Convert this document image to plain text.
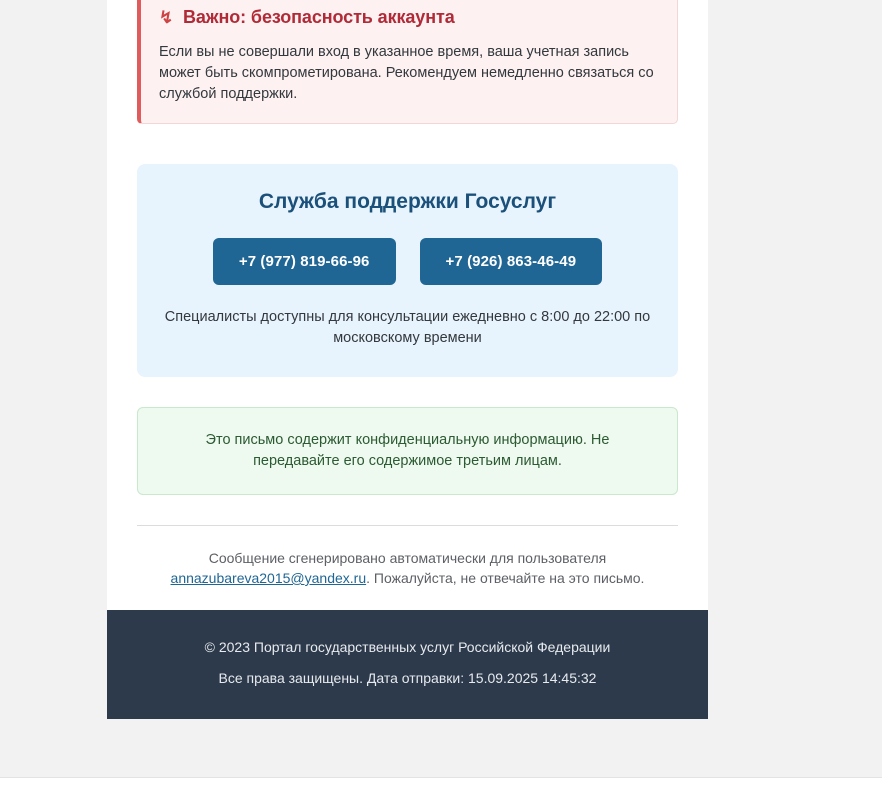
↯ Важно: безопасность аккаунта
Если вы не совершали вход в указанное время, ваша учетная запись может быть скомпрометирована. Рекомендуем немедленно связаться со службой поддержки.
Служба поддержки Госуслуг
+7 (977) 819-66-96	+7 (926) 863-46-49
Специалисты доступны для консультации ежедневно с 8:00 до 22:00 по московскому времени
Это письмо содержит конфиденциальную информацию. Не передавайте его содержимое третьим лицам.
Сообщение сгенерировано автоматически для пользователя
annazubareva2015@yandex.ru. Пожалуйста, не отвечайте на это письмо.
© 2023 Портал государственных услуг Российской Федерации
Все права защищены. Дата отправки: 15.09.2025 14:45:32
